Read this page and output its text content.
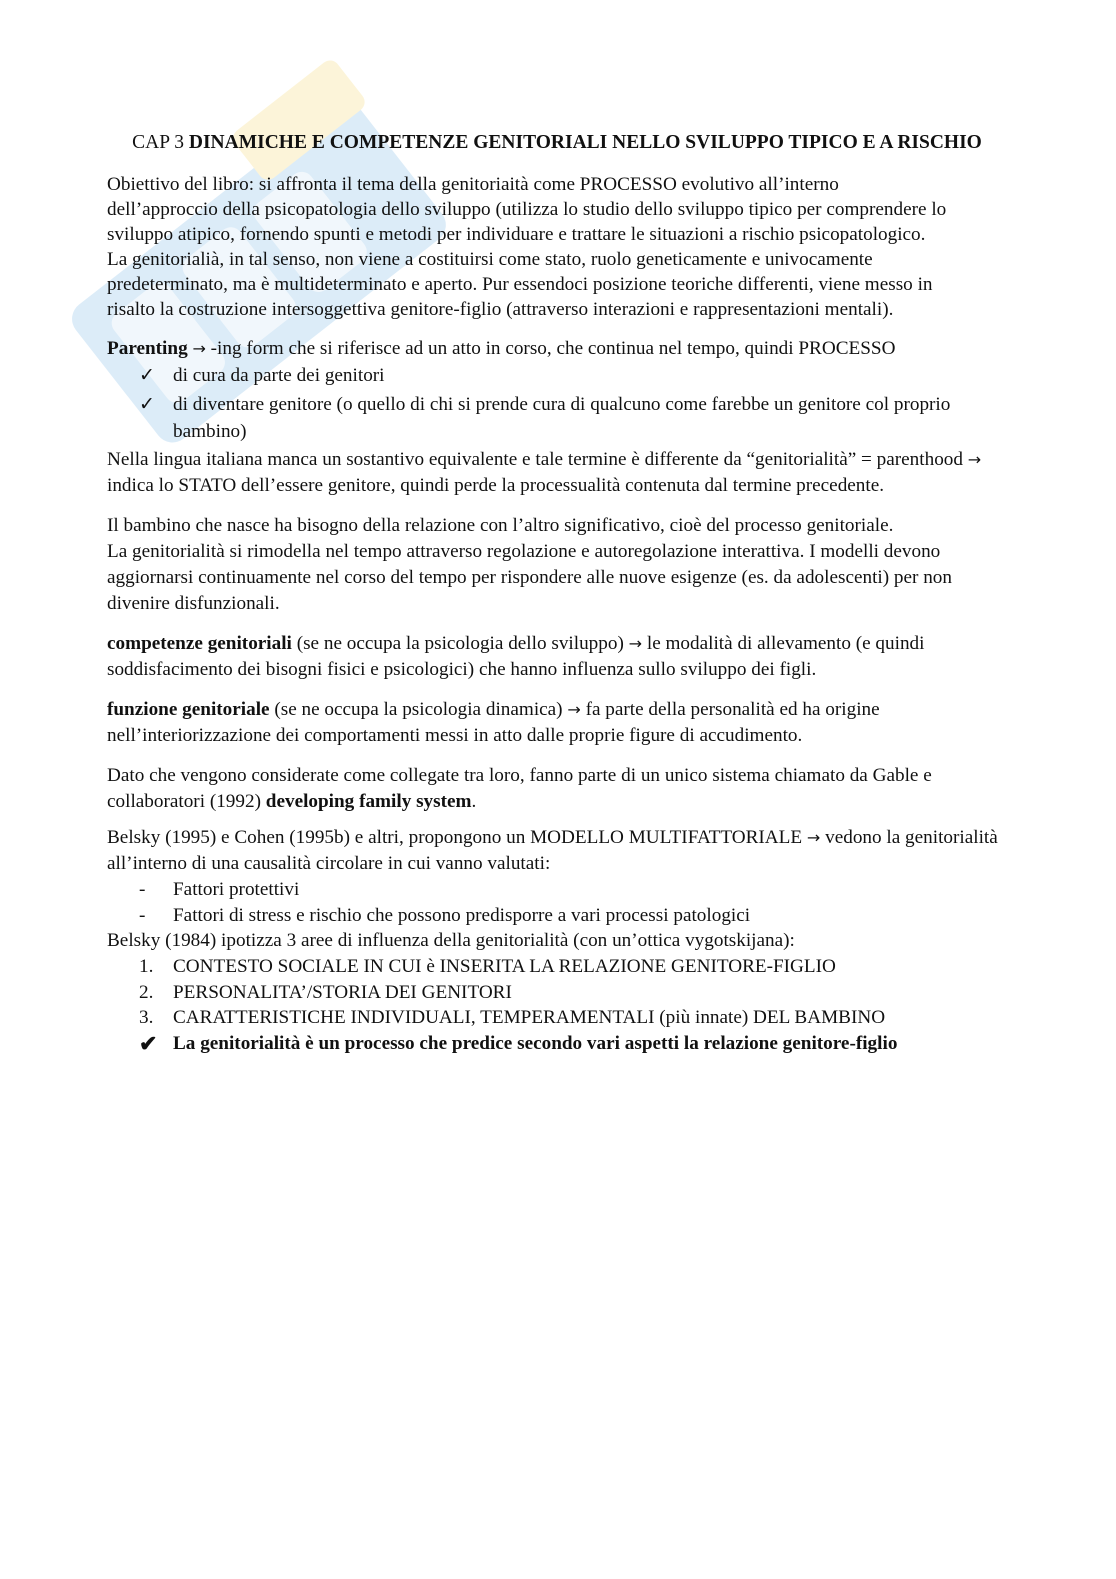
CAP 3 DINAMICHE E COMPETENZE GENITORIALI NELLO SVILUPPO TIPICO E A RISCHIO

Obiettivo del libro: si affronta il tema della genitoriaità come PROCESSO evolutivo all’interno
dell’approccio della psicopatologia dello sviluppo (utilizza lo studio dello sviluppo tipico per comprendere lo
sviluppo atipico, fornendo spunti e metodi per individuare e trattare le situazioni a rischio psicopatologico.
La genitorialià, in tal senso, non viene a costituirsi come stato, ruolo geneticamente e univocamente
predeterminato, ma è multideterminato e aperto. Pur essendoci posizione teoriche differenti, viene messo in
risalto la costruzione intersoggettiva genitore-figlio (attraverso interazioni e rappresentazioni mentali).

Parenting → -ing form che si riferisce ad un atto in corso, che continua nel tempo, quindi PROCESSO

✓ di cura da parte dei genitori
✓ di diventare genitore (o quello di chi si prende cura di qualcuno come farebbe un genitore col proprio bambino)

Nella lingua italiana manca un sostantivo equivalente e tale termine è differente da “genitorialità” = parenthood → indica lo STATO dell’essere genitore, quindi perde la processualità contenuta dal termine precedente.

Il bambino che nasce ha bisogno della relazione con l’altro significativo, cioè del processo genitoriale.

La genitorialità si rimodella nel tempo attraverso regolazione e autoregolazione interattiva. I modelli devono aggiornarsi continuamente nel corso del tempo per rispondere alle nuove esigenze (es. da adolescenti) per non divenire disfunzionali.

competenze genitoriali (se ne occupa la psicologia dello sviluppo) → le modalità di allevamento (e quindi soddisfacimento dei bisogni fisici e psicologici) che hanno influenza sullo sviluppo dei figli.

funzione genitoriale (se ne occupa la psicologia dinamica) → fa parte della personalità ed ha origine nell’interiorizzazione dei comportamenti messi in atto dalle proprie figure di accudimento.

Dato che vengono considerate come collegate tra loro, fanno parte di un unico sistema chiamato da Gable e collaboratori (1992) developing family system.

Belsky (1995) e Cohen (1995b) e altri, propongono un MODELLO MULTIFATTORIALE → vedono la genitorialità all’interno di una causalità circolare in cui vanno valutati:

-	Fattori protettivi
-	Fattori di stress e rischio che possono predisporre a vari processi patologici

Belsky (1984) ipotizza 3 aree di influenza della genitorialità (con un’ottica vygotskijana):

1.	CONTESTO SOCIALE IN CUI è INSERITA LA RELAZIONE GENITORE-FIGLIO
2.	PERSONALITA’/STORIA DEI GENITORI
3.	CARATTERISTICHE INDIVIDUALI, TEMPERAMENTALI (più innate) DEL BAMBINO
✔ La genitorialità è un processo che predice secondo vari aspetti la relazione genitore-figlio
